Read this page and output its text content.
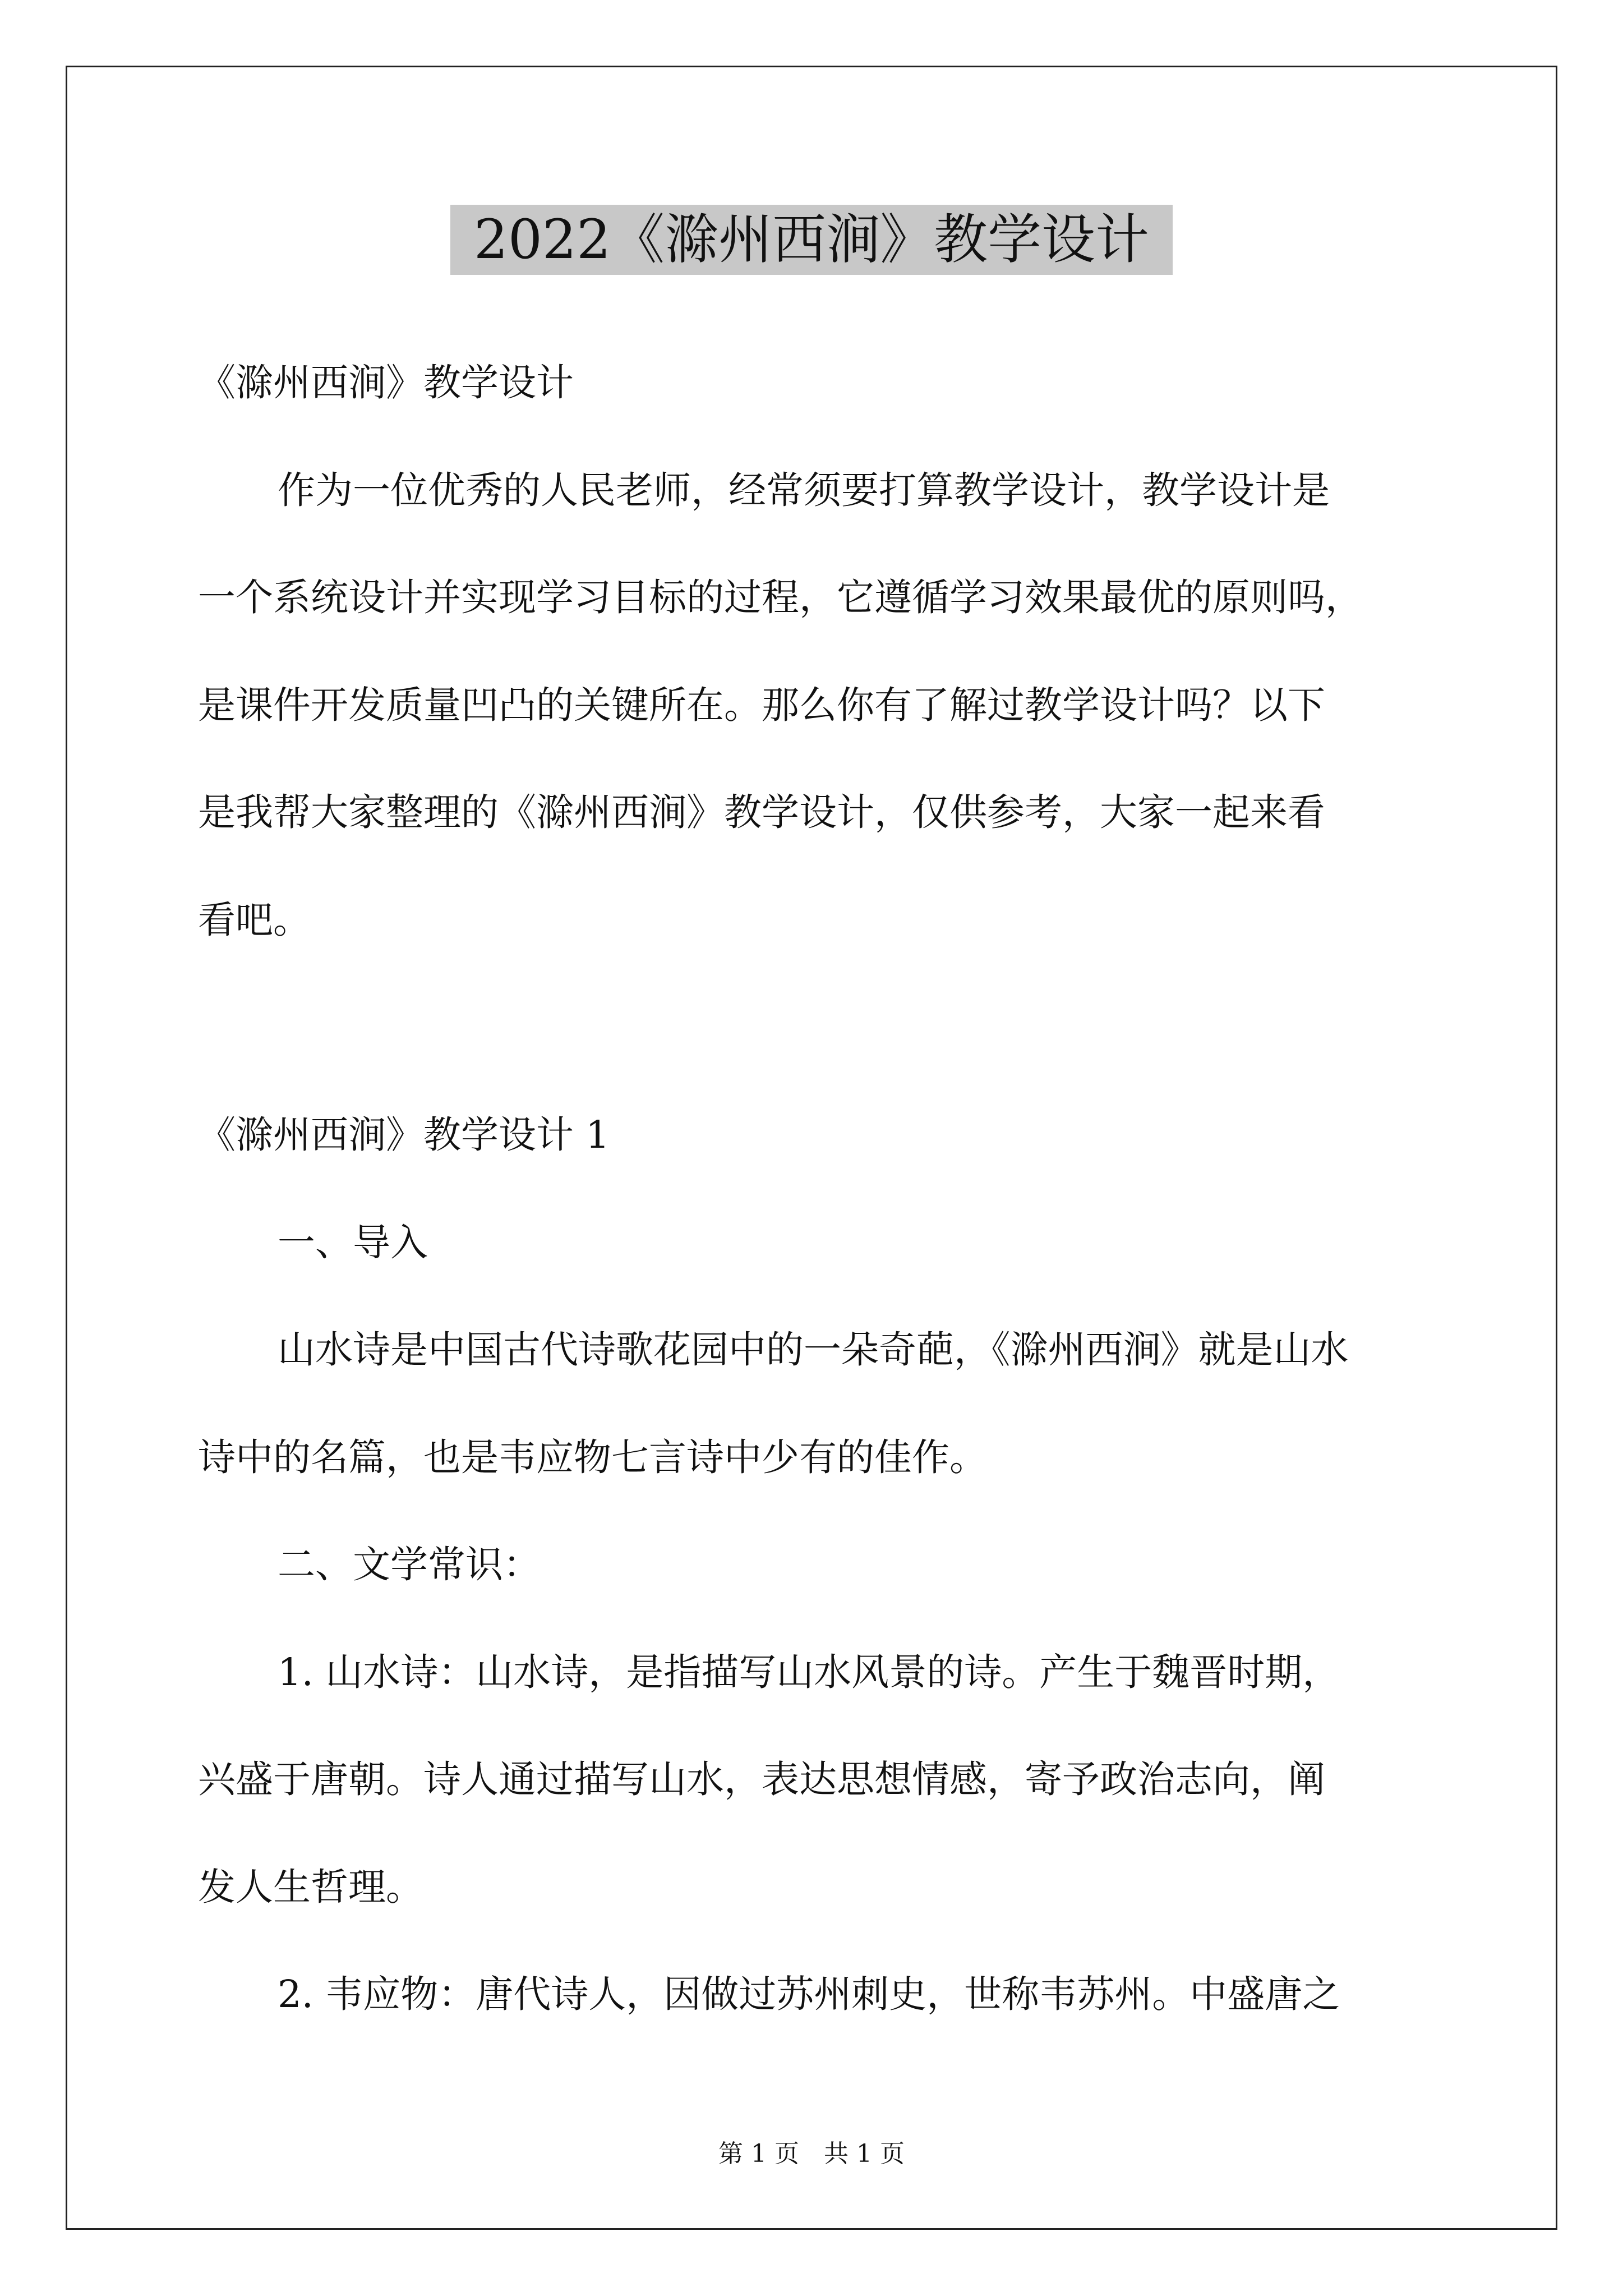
2022《滁州西涧》教学设计
《滁州西涧》教学设计
作为一位优秀的人民老师，经常须要打算教学设计，教学设计是
一个系统设计并实现学习目标的过程，它遵循学习效果最优的原则吗，
是课件开发质量凹凸的关键所在。那么你有了解过教学设计吗？以下
是我帮大家整理的《滁州西涧》教学设计，仅供参考，大家一起来看
看吧。
《滁州西涧》教学设计 1
一、导入
山水诗是中国古代诗歌花园中的一朵奇葩，《滁州西涧》就是山水
诗中的名篇，也是韦应物七言诗中少有的佳作。
二、文学常识：
1. 山水诗：山水诗，是指描写山水风景的诗。产生于魏晋时期，
兴盛于唐朝。诗人通过描写山水，表达思想情感，寄予政治志向，阐
发人生哲理。
2. 韦应物：唐代诗人，因做过苏州刺史，世称韦苏州。中盛唐之
第 1 页　共 1 页
